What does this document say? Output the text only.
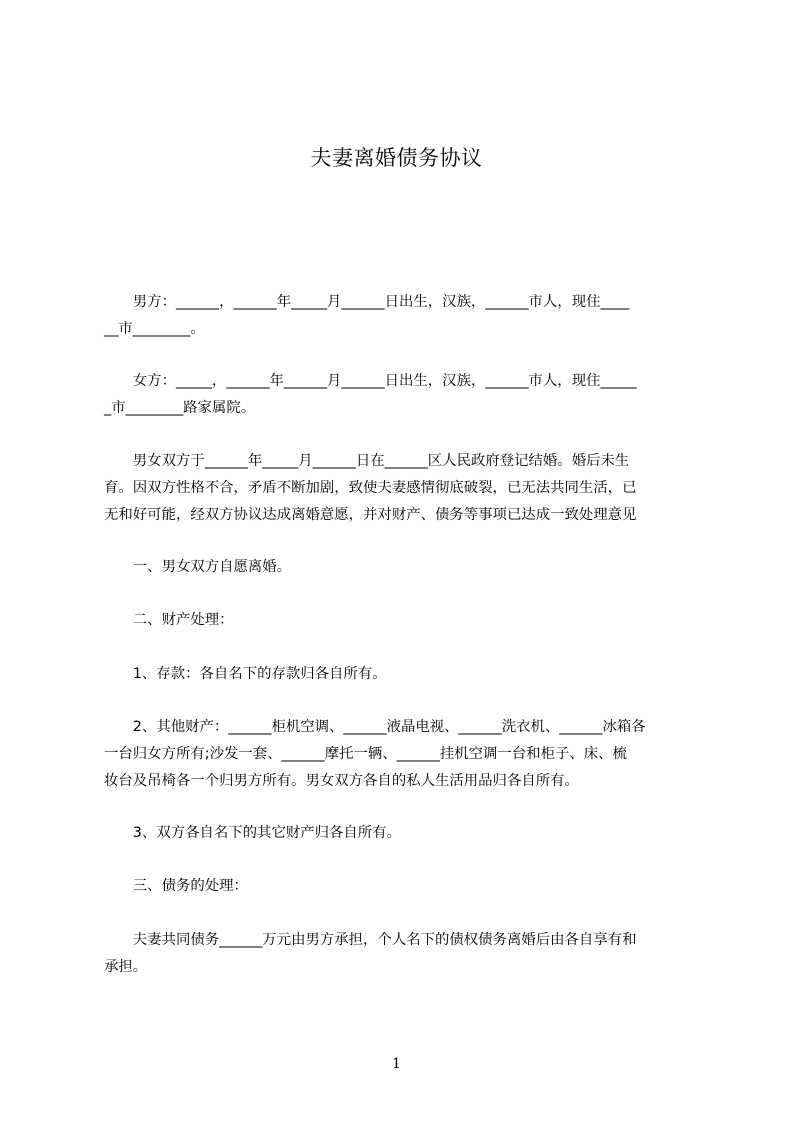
夫妻离婚债务协议
　　男方：______，______年_____月______日出生，汉族，______市人，现住____
__市________。
　　女方：_____，______年______月______日出生，汉族，______市人，现住_____
_市________路家属院。
　　男女双方于______年_____月______日在______区人民政府登记结婚。婚后未生
育。因双方性格不合，矛盾不断加剧，致使夫妻感情彻底破裂，已无法共同生活，已
无和好可能，经双方协议达成离婚意愿，并对财产、债务等事项已达成一致处理意见
　　一、男女双方自愿离婚。
　　二、财产处理：
　　1、存款：各自名下的存款归各自所有。
　　2、其他财产：______柜机空调、______液晶电视、______洗衣机、______冰箱各
一台归女方所有;沙发一套、______摩托一辆、______挂机空调一台和柜子、床、梳
妆台及吊椅各一个归男方所有。男女双方各自的私人生活用品归各自所有。
　　3、双方各自名下的其它财产归各自所有。
　　三、债务的处理：
　　夫妻共同债务______万元由男方承担，个人名下的债权债务离婚后由各自享有和
承担。
1
